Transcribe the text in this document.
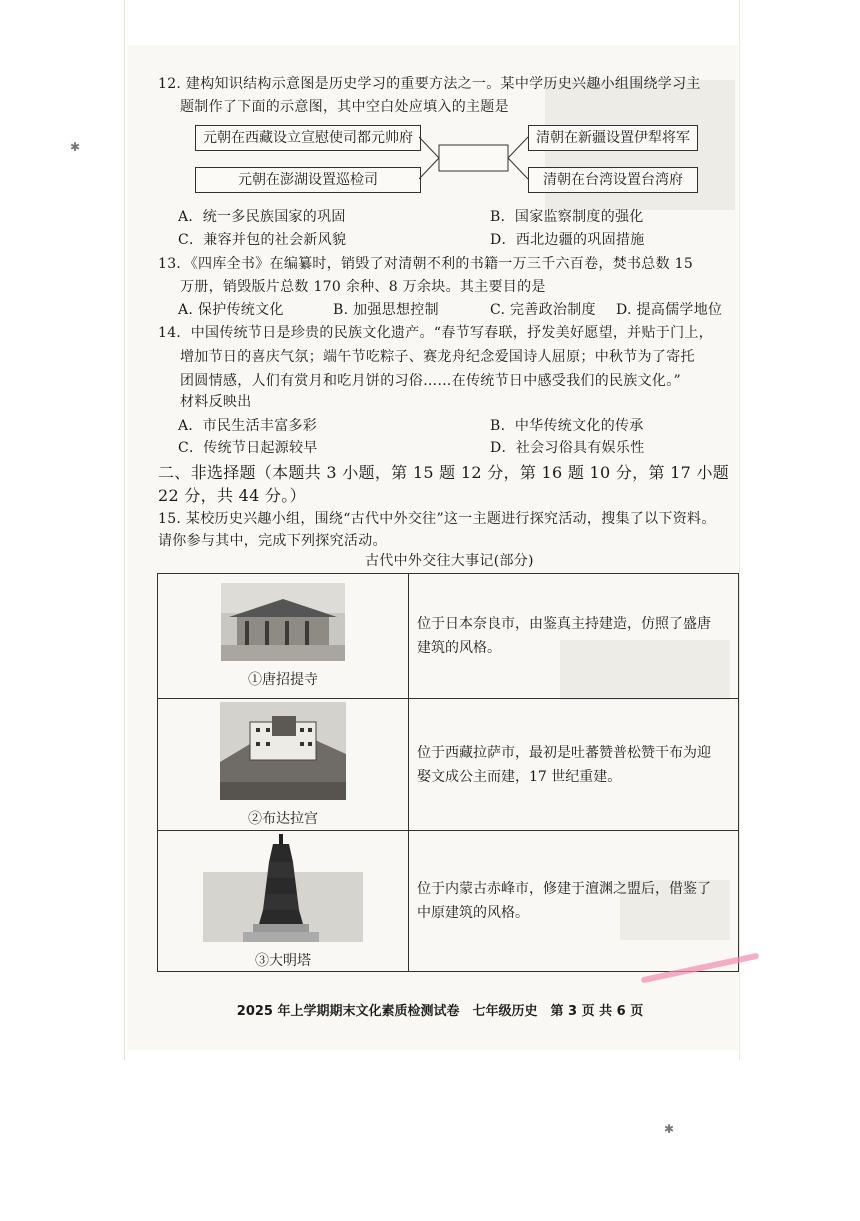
12. 建构知识结构示意图是历史学习的重要方法之一。某中学历史兴趣小组围绕学习主
题制作了下面的示意图，其中空白处应填入的主题是
元朝在西藏设立宣慰使司都元帅府
元朝在澎湖设置巡检司
清朝在新疆设置伊犁将军
清朝在台湾设置台湾府
A．统一多民族国家的巩固	B．国家监察制度的强化
C．兼容并包的社会新风貌	D．西北边疆的巩固措施
13．《四库全书》在编纂时，销毁了对清朝不利的书籍一万三千六百卷，焚书总数 15
万册，销毁版片总数 170 余种、8 万余块。其主要目的是
A. 保护传统文化	B. 加强思想控制	C. 完善政治制度 D. 提高儒学地位
14．中国传统节日是珍贵的民族文化遗产。“春节写春联，抒发美好愿望，并贴于门上，
增加节日的喜庆气氛；端午节吃粽子、赛龙舟纪念爱国诗人屈原；中秋节为了寄托
团圆情感，人们有赏月和吃月饼的习俗……在传统节日中感受我们的民族文化。”
材料反映出
A．市民生活丰富多彩	B．中华传统文化的传承
C．传统节日起源较早	D．社会习俗具有娱乐性
二、非选择题（本题共 3 小题，第 15 题 12 分，第 16 题 10 分，第 17 小题
22 分，共 44 分。）
15. 某校历史兴趣小组，围绕“古代中外交往”这一主题进行探究活动，搜集了以下资料。
请你参与其中，完成下列探究活动。
古代中外交往大事记(部分)
①唐招提寺	位于日本奈良市，由鉴真主持建造，仿照了盛唐
建筑的风格。

②布达拉宫	位于西藏拉萨市，最初是吐蕃赞普松赞干布为迎
娶文成公主而建，17 世纪重建。

③大明塔	位于内蒙古赤峰市，修建于澶渊之盟后，借鉴了
中原建筑的风格。
2025 年上学期期末文化素质检测试卷　七年级历史　第 3 页 共 6 页
✱
✱
